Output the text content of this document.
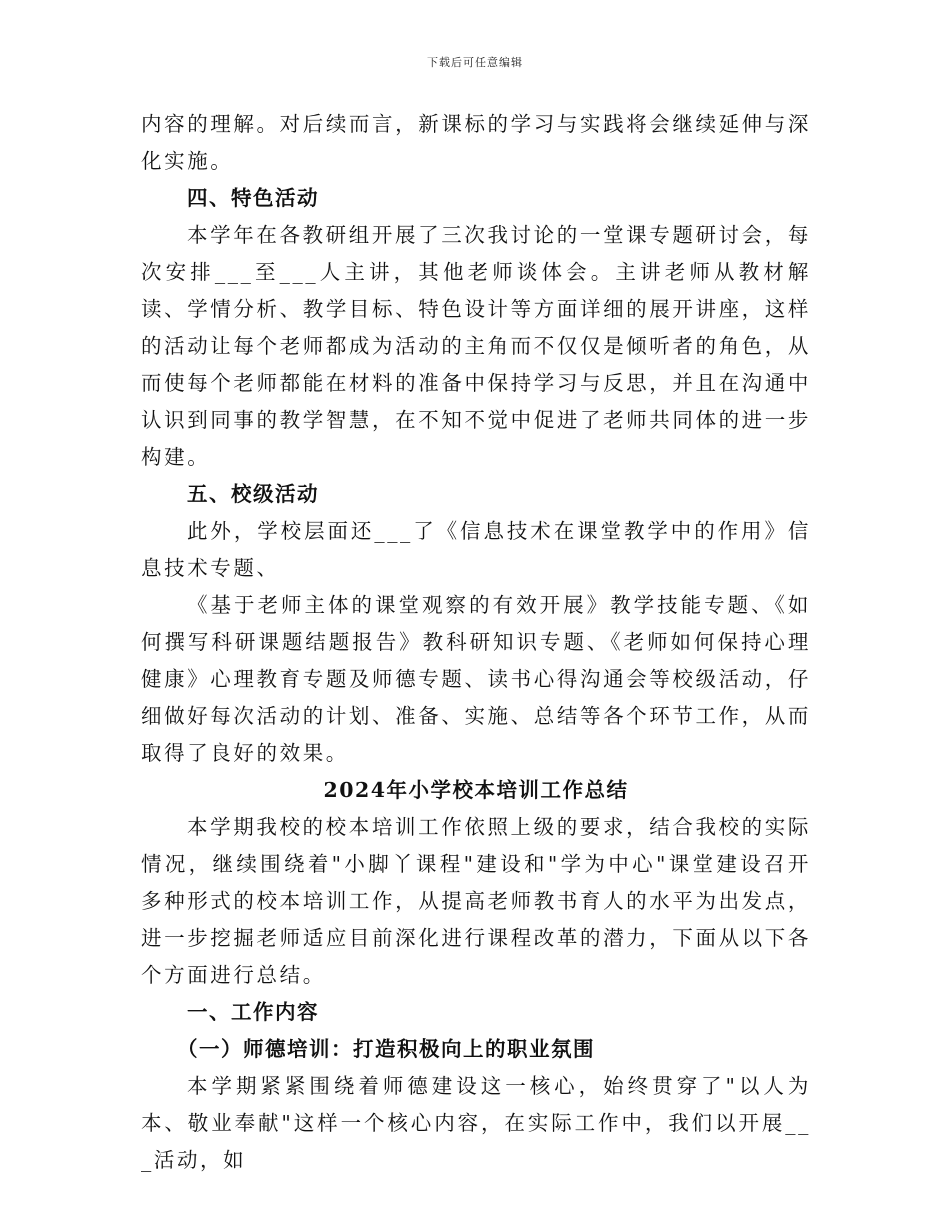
下载后可任意编辑

内容的理解。对后续而言，新课标的学习与实践将会继续延伸与深化实施。

四、特色活动

本学年在各教研组开展了三次我讨论的一堂课专题研讨会，每次安排___至___人主讲，其他老师谈体会。主讲老师从教材解读、学情分析、教学目标、特色设计等方面详细的展开讲座，这样的活动让每个老师都成为活动的主角而不仅仅是倾听者的角色，从而使每个老师都能在材料的准备中保持学习与反思，并且在沟通中认识到同事的教学智慧，在不知不觉中促进了老师共同体的进一步构建。

五、校级活动

此外，学校层面还___了《信息技术在课堂教学中的作用》信息技术专题、

《基于老师主体的课堂观察的有效开展》教学技能专题、《如何撰写科研课题结题报告》教科研知识专题、《老师如何保持心理健康》心理教育专题及师德专题、读书心得沟通会等校级活动，仔细做好每次活动的计划、准备、实施、总结等各个环节工作，从而取得了良好的效果。

2024年小学校本培训工作总结

本学期我校的校本培训工作依照上级的要求，结合我校的实际情况，继续围绕着"小脚丫课程"建设和"学为中心"课堂建设召开多种形式的校本培训工作，从提高老师教书育人的水平为出发点，进一步挖掘老师适应目前深化进行课程改革的潜力，下面从以下各个方面进行总结。

一、工作内容

（一）师德培训：打造积极向上的职业氛围

本学期紧紧围绕着师德建设这一核心，始终贯穿了"以人为本、敬业奉献"这样一个核心内容，在实际工作中，我们以开展___活动，如
